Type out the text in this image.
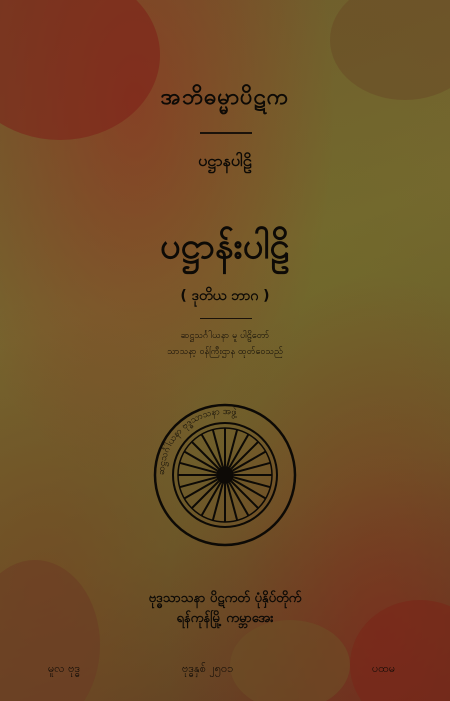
အဘိဓမ္မာပိဋက
ပဋ္ဌာနပါဠိ
ပဋ္ဌာန်းပါဠိ
( ဒုတိယ ဘာဂ )
ဆဋ္ဌသင်္ဂါယနာ မူ ပါဠိတော်
သာသနာ့ ဝန်ကြီးဌာန ထုတ်ဝေသည်
ဆဋ္ဌသင်္ဂါယနာ ဗုဒ္ဓသာသနာ အဖွဲ့
ဗုဒ္ဓသာသနာ ပိဋကတ် ပုံနှိပ်တိုက်
ရန်ကုန်မြို့ ကမ္ဘာအေး
မူလ ဗုဒ္ဓ	ဗုဒ္ဓနှစ် ၂၅၀၁	ပထမ
